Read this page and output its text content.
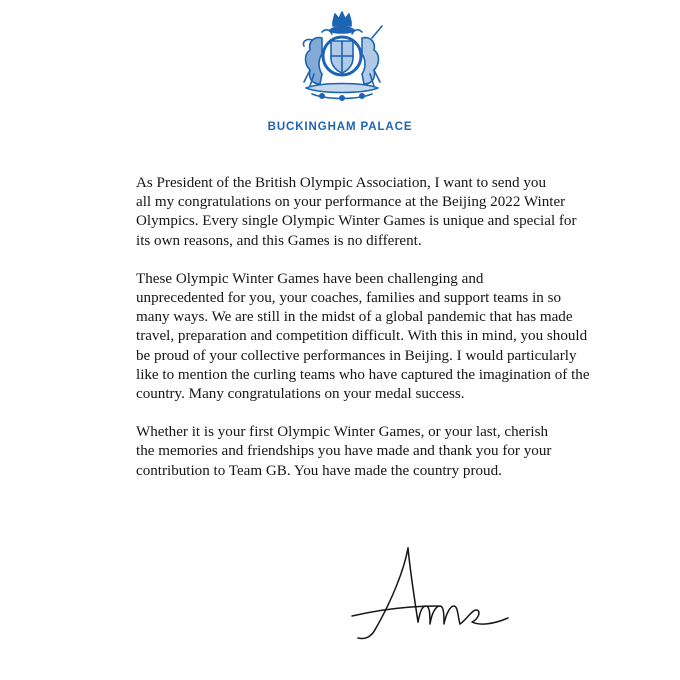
BUCKINGHAM PALACE

As President of the British Olympic Association, I want to send you
all my congratulations on your performance at the Beijing 2022 Winter
Olympics. Every single Olympic Winter Games is unique and special for
its own reasons, and this Games is no different.

These Olympic Winter Games have been challenging and
unprecedented for you, your coaches, families and support teams in so
many ways. We are still in the midst of a global pandemic that has made
travel, preparation and competition difficult. With this in mind, you should
be proud of your collective performances in Beijing. I would particularly
like to mention the curling teams who have captured the imagination of the
country. Many congratulations on your medal success.

Whether it is your first Olympic Winter Games, or your last, cherish
the memories and friendships you have made and thank you for your
contribution to Team GB. You have made the country proud.
